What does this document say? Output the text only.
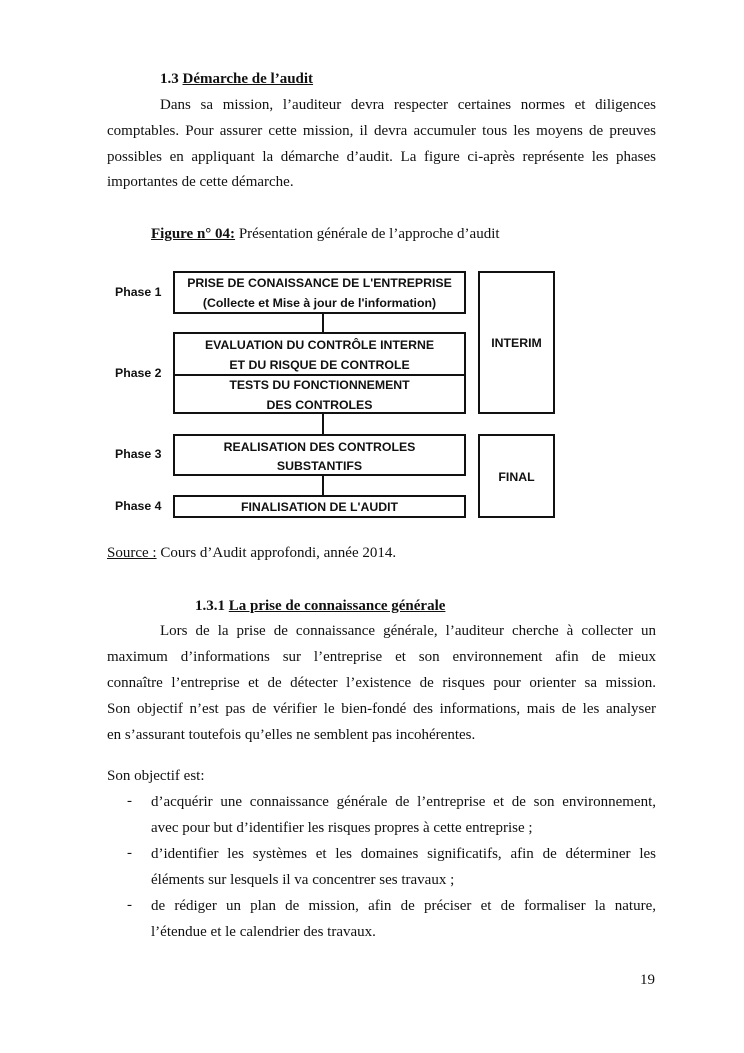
1.3 Démarche de l’audit
Dans sa mission, l’auditeur devra respecter certaines normes et diligences
comptables. Pour assurer cette mission, il devra accumuler tous les moyens de preuves
possibles en appliquant la démarche d’audit. La figure ci-après représente les phases
importantes de cette démarche.
Figure n° 04: Présentation générale de l’approche d’audit
Phase 1
Phase 2
Phase 3
Phase 4
PRISE DE CONAISSANCE DE L'ENTREPRISE
(Collecte et Mise à jour de l'information)
EVALUATION DU CONTRÔLE INTERNE
ET DU RISQUE DE CONTROLE
TESTS DU FONCTIONNEMENT
DES CONTROLES
REALISATION DES CONTROLES
SUBSTANTIFS
FINALISATION DE L'AUDIT
INTERIM
FINAL
Source : Cours d’Audit approfondi, année 2014.
1.3.1 La prise de connaissance générale
Lors de la prise de connaissance générale, l’auditeur cherche à collecter un
maximum d’informations sur l’entreprise et son environnement afin de mieux
connaître l’entreprise et de détecter l’existence de risques pour orienter sa mission.
Son objectif n’est pas de vérifier le bien-fondé des informations, mais de les analyser
en s’assurant toutefois qu’elles ne semblent pas incohérentes.
Son objectif est:
- d’acquérir une connaissance générale de l’entreprise et de son environnement,
avec pour but d’identifier les risques propres à cette entreprise ;
- d’identifier les systèmes et les domaines significatifs, afin de déterminer les
éléments sur lesquels il va concentrer ses travaux ;
- de rédiger un plan de mission, afin de préciser et de formaliser la nature,
l’étendue et le calendrier des travaux.
19
